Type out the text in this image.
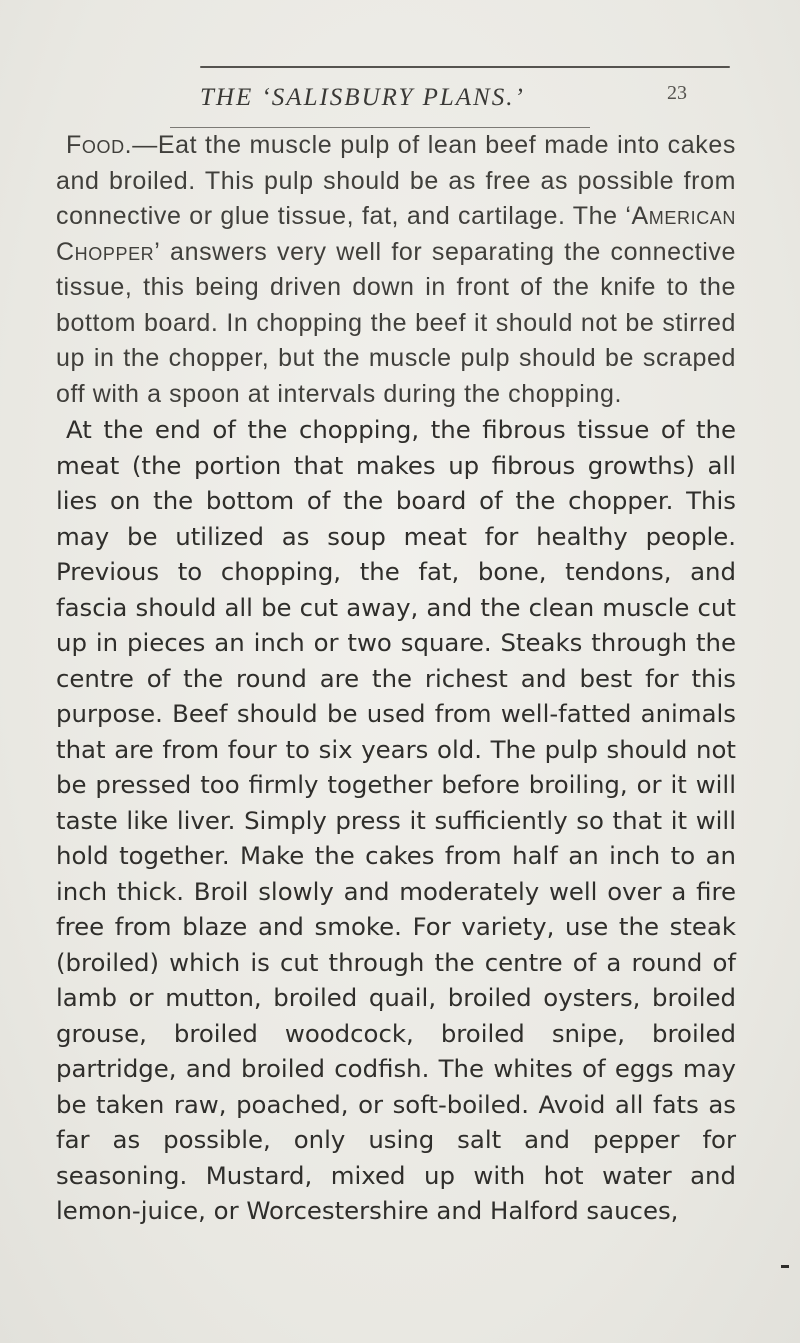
THE ‘SALISBURY PLANS.’	23

Food.—Eat the muscle pulp of lean beef made into cakes and broiled. This pulp should be as free as possible from connective or glue tissue, fat, and cartilage. The ‘American Chopper’ answers very well for separating the connective tissue, this being driven down in front of the knife to the bottom board. In chopping the beef it should not be stirred up in the chopper, but the muscle pulp should be scraped off with a spoon at intervals during the chopping.

At the end of the chopping, the fibrous tissue of the meat (the portion that makes up fibrous growths) all lies on the bottom of the board of the chopper. This may be utilized as soup meat for healthy people. Previous to chopping, the fat, bone, tendons, and fascia should all be cut away, and the clean muscle cut up in pieces an inch or two square. Steaks through the centre of the round are the richest and best for this purpose. Beef should be used from well-fatted animals that are from four to six years old. The pulp should not be pressed too firmly together before broiling, or it will taste like liver. Simply press it sufficiently so that it will hold together. Make the cakes from half an inch to an inch thick. Broil slowly and moderately well over a fire free from blaze and smoke. For variety, use the steak (broiled) which is cut through the centre of a round of lamb or mutton, broiled quail, broiled oysters, broiled grouse, broiled woodcock, broiled snipe, broiled partridge, and broiled codfish. The whites of eggs may be taken raw, poached, or soft-boiled. Avoid all fats as far as possible, only using salt and pepper for seasoning. Mustard, mixed up with hot water and lemon-juice, or Worcestershire and Halford sauces,
